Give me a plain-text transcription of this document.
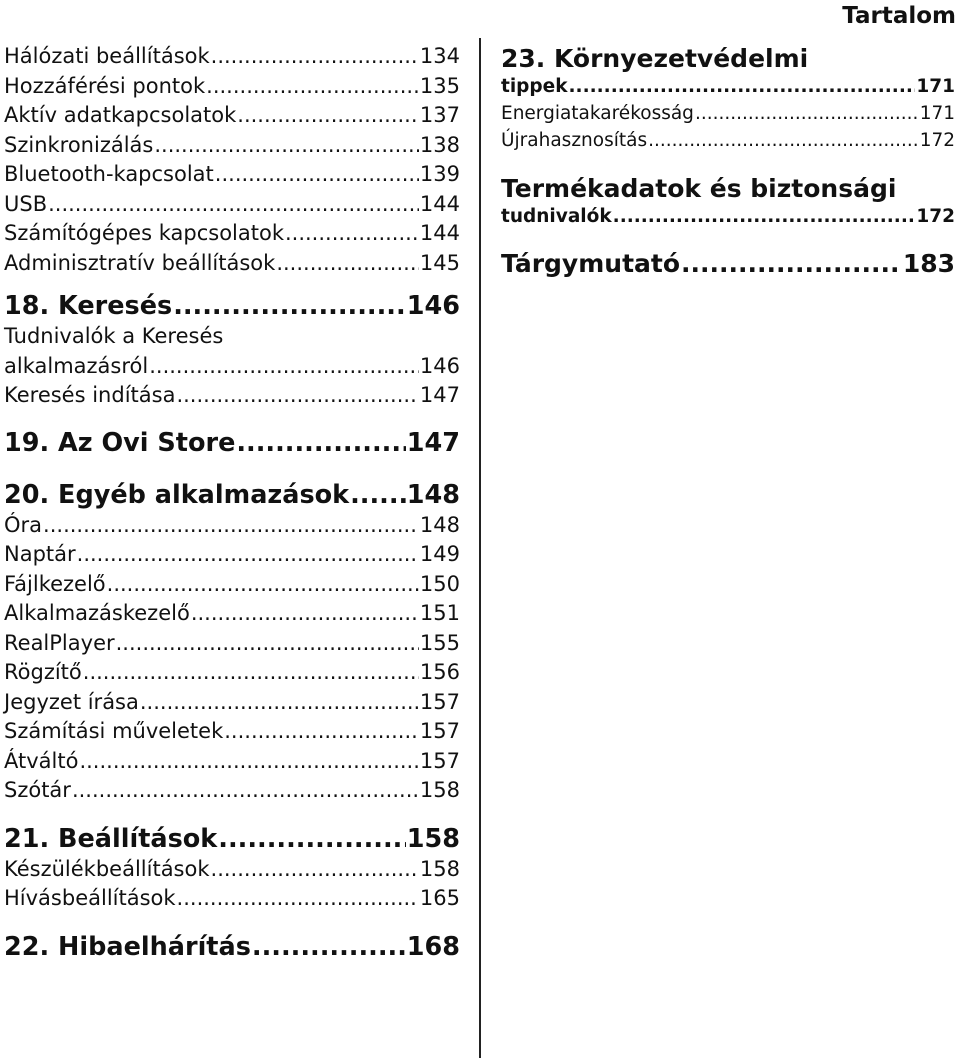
Tartalom
Hálózati beállítások .....	134
Hozzáférési pontok .....	135
Aktív adatkapcsolatok .....	137
Szinkronizálás .....	138
Bluetooth-kapcsolat .....	139
USB .....	144
Számítógépes kapcsolatok .....	144
Adminisztratív beállítások .....	145
18. Keresés .....	146
Tudnivalók a Keresés
alkalmazásról .....	146
Keresés indítása .....	147
19. Az Ovi Store .....	147
20. Egyéb alkalmazások ..... 148
Óra .....	148
Naptár .....	149
Fájlkezelő .....	150
Alkalmazáskezelő .....	151
RealPlayer .....	155
Rögzítő .....	156
Jegyzet írása .....	157
Számítási műveletek .....	157
Átváltó .....	157
Szótár .....	158
21. Beállítások .....	158
Készülékbeállítások .....	158
Hívásbeállítások .....	165
22. Hibaelhárítás .....	168
23. Környezetvédelmi
tippek .....	171
Energiatakarékosság .....	171
Újrahasznosítás .....	172
Termékadatok és biztonsági
tudnivalók .....	172
Tárgymutató .....	183
